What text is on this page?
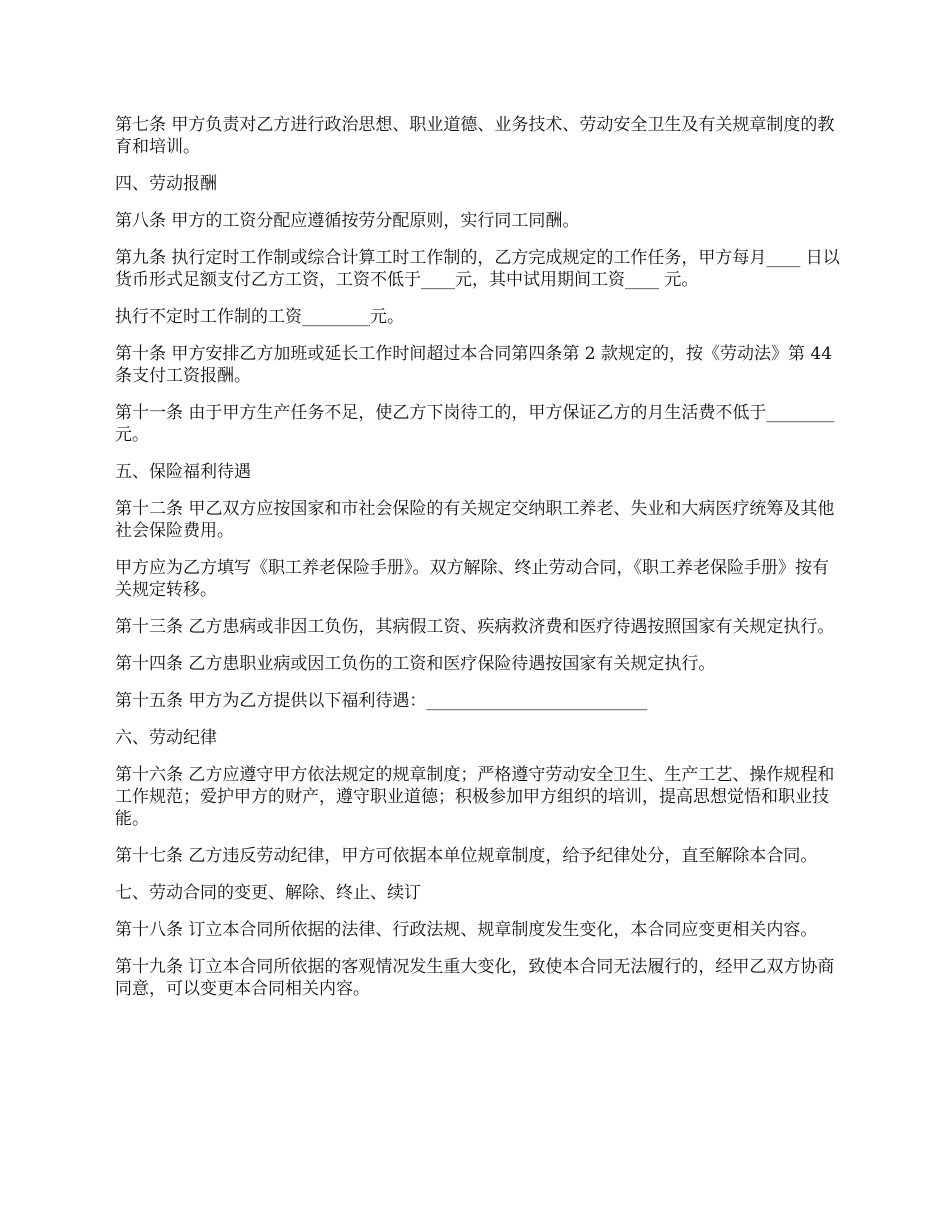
第七条 甲方负责对乙方进行政治思想、职业道德、业务技术、劳动安全卫生及有关规章制度的教育和培训。

四、劳动报酬

第八条 甲方的工资分配应遵循按劳分配原则，实行同工同酬。

第九条 执行定时工作制或综合计算工时工作制的，乙方完成规定的工作任务，甲方每月____ 日以货币形式足额支付乙方工资，工资不低于____元，其中试用期间工资____ 元。

执行不定时工作制的工资________元。

第十条 甲方安排乙方加班或延长工作时间超过本合同第四条第 2 款规定的，按《劳动法》第 44 条支付工资报酬。

第十一条 由于甲方生产任务不足，使乙方下岗待工的，甲方保证乙方的月生活费不低于________元。

五、保险福利待遇

第十二条 甲乙双方应按国家和市社会保险的有关规定交纳职工养老、失业和大病医疗统筹及其他社会保险费用。

甲方应为乙方填写《职工养老保险手册》。双方解除、终止劳动合同，《职工养老保险手册》按有关规定转移。

第十三条 乙方患病或非因工负伤，其病假工资、疾病救济费和医疗待遇按照国家有关规定执行。

第十四条 乙方患职业病或因工负伤的工资和医疗保险待遇按国家有关规定执行。

第十五条 甲方为乙方提供以下福利待遇：__________________________

六、劳动纪律

第十六条 乙方应遵守甲方依法规定的规章制度；严格遵守劳动安全卫生、生产工艺、操作规程和工作规范；爱护甲方的财产，遵守职业道德；积极参加甲方组织的培训，提高思想觉悟和职业技能。

第十七条 乙方违反劳动纪律，甲方可依据本单位规章制度，给予纪律处分，直至解除本合同。

七、劳动合同的变更、解除、终止、续订

第十八条 订立本合同所依据的法律、行政法规、规章制度发生变化，本合同应变更相关内容。

第十九条 订立本合同所依据的客观情况发生重大变化，致使本合同无法履行的，经甲乙双方协商同意，可以变更本合同相关内容。
